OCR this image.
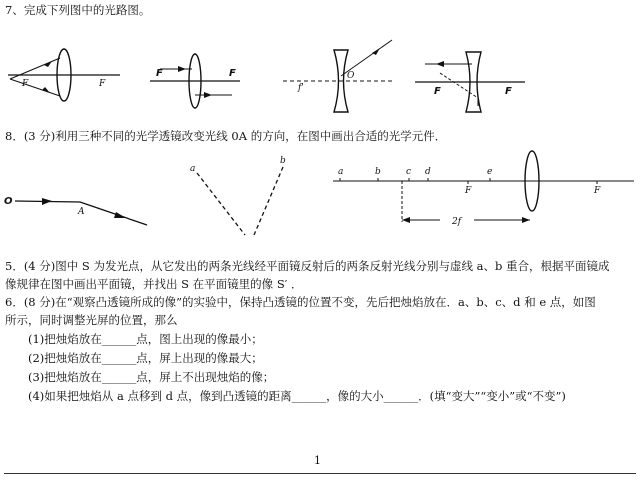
7、完成下列图中的光路图。
F	F
F	F	O
f'	F	F
8．(3 分)利用三种不同的光学透镜改变光线 0A 的方向，在图中画出合适的光学元件．
O
A
a
b
a	b	c d	e
F	F
2f
5．(4 分)图中 S 为发光点，从它发出的两条光线经平面镜反射后的两条反射光线分别与虚线 a、b 重合，根据平面镜成
像规律在图中画出平面镜，并找出 S 在平面镜里的像 S′ ．
6．(8 分)在“观察凸透镜所成的像”的实验中，保持凸透镜的位置不变，先后把烛焰放在．a、b、c、d 和 e 点，如图
所示，同时调整光屏的位置，那么
(1)把烛焰放在______点，图上出现的像最小；
(2)把烛焰放在______点，屏上出现的像最大；
(3)把烛焰放在______点，屏上不出现烛焰的像；
(4)如果把烛焰从 a 点移到 d 点，像到凸透镜的距离______，像的大小______．(填“变大”“变小”或“不变”)
1
